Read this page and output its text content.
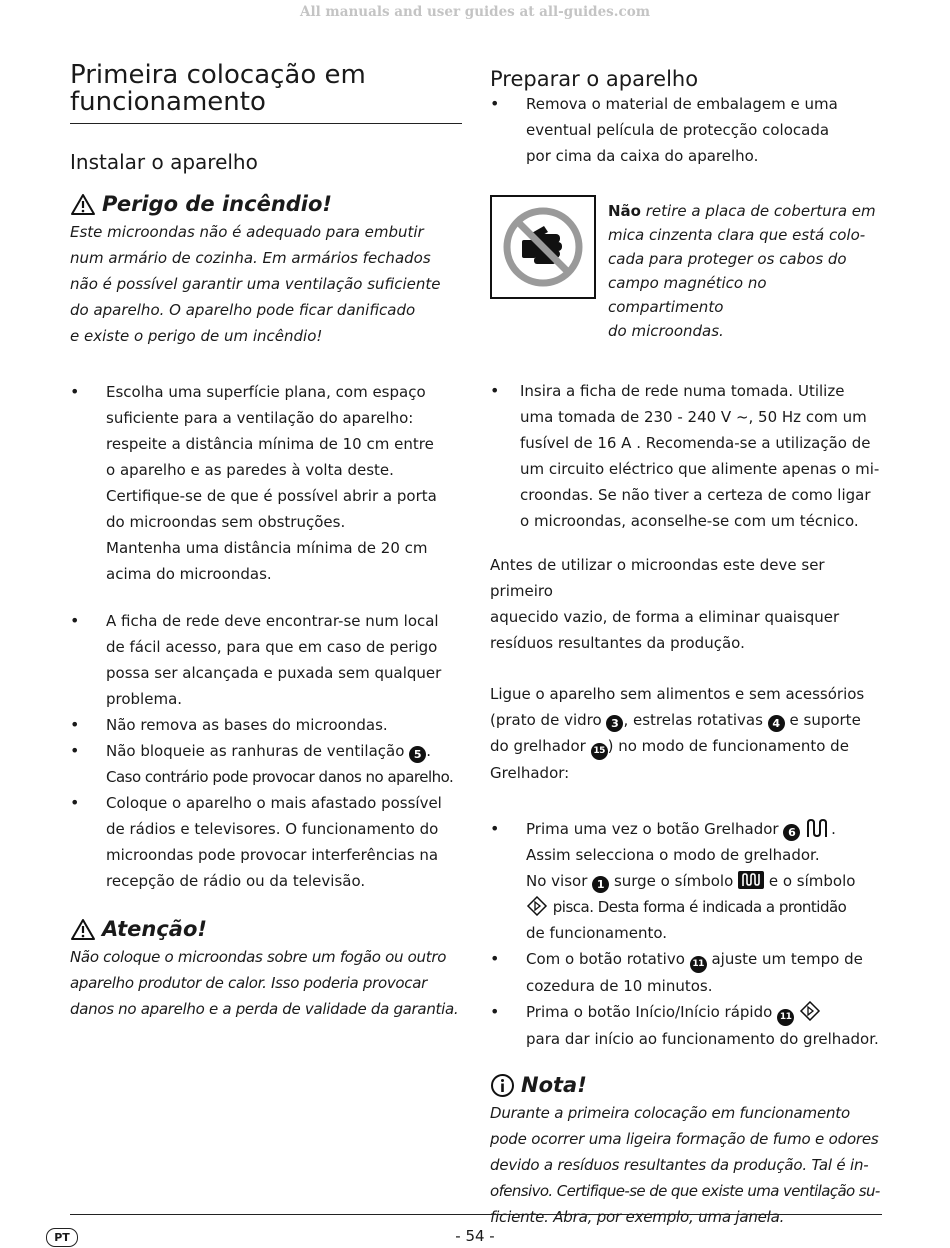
All manuals and user guides at all-guides.com
Primeira colocação em funcionamento
Instalar o aparelho
Perigo de incêndio!

Este microondas não é adequado para embutir
num armário de cozinha. Em armários fechados
não é possível garantir uma ventilação suficiente
do aparelho. O aparelho pode ficar danificado
e existe o perigo de um incêndio!

• Escolha uma superfície plana, com espaço
suficiente para a ventilação do aparelho:
respeite a distância mínima de 10 cm entre
o aparelho e as paredes à volta deste.
Certifique-se de que é possível abrir a porta
do microondas sem obstruções.
Mantenha uma distância mínima de 20 cm
acima do microondas.
• A ficha de rede deve encontrar-se num local
de fácil acesso, para que em caso de perigo
possa ser alcançada e puxada sem qualquer
problema.
• Não remova as bases do microondas.
• Não bloqueie as ranhuras de ventilação 5 .
Caso contrário pode provocar danos no aparelho.
• Coloque o aparelho o mais afastado possível
de rádios e televisores. O funcionamento do
microondas pode provocar interferências na
recepção de rádio ou da televisão.
Atenção!

Não coloque o microondas sobre um fogão ou outro
aparelho produtor de calor. Isso poderia provocar
danos no aparelho e a perda de validade da garantia.

Preparar o aparelho
• Remova o material de embalagem e uma
eventual película de protecção colocada
por cima da caixa do aparelho.
Não retire a placa de cobertura em
mica cinzenta clara que está colo-
cada para proteger os cabos do
campo magnético no compartimento
do microondas.
• Insira a ficha de rede numa tomada. Utilize
uma tomada de 230 - 240 V ~, 50 Hz com um
fusível de 16 A . Recomenda-se a utilização de
um circuito eléctrico que alimente apenas o mi-
croondas. Se não tiver a certeza de como ligar
o microondas, aconselhe-se com um técnico.

Antes de utilizar o microondas este deve ser primeiro
aquecido vazio, de forma a eliminar quaisquer
resíduos resultantes da produção.

Ligue o aparelho sem alimentos e sem acessórios
(prato de vidro 3 , estrelas rotativas 4 e suporte
do grelhador 15 ) no modo de funcionamento de
Grelhador:

• Prima uma vez o botão Grelhador 6 .
Assim selecciona o modo de grelhador.
No visor 1 surge o símbolo e o símbolo
pisca. Desta forma é indicada a prontidão
de funcionamento.
• Com o botão rotativo 11 ajuste um tempo de
cozedura de 10 minutos.
• Prima o botão Início/Início rápido 11
para dar início ao funcionamento do grelhador.
Nota!

Durante a primeira colocação em funcionamento
pode ocorrer uma ligeira formação de fumo e odores
devido a resíduos resultantes da produção. Tal é in-
ofensivo. Certifique-se de que existe uma ventilação su-
ficiente. Abra, por exemplo, uma janela.

PT	- 54 -
